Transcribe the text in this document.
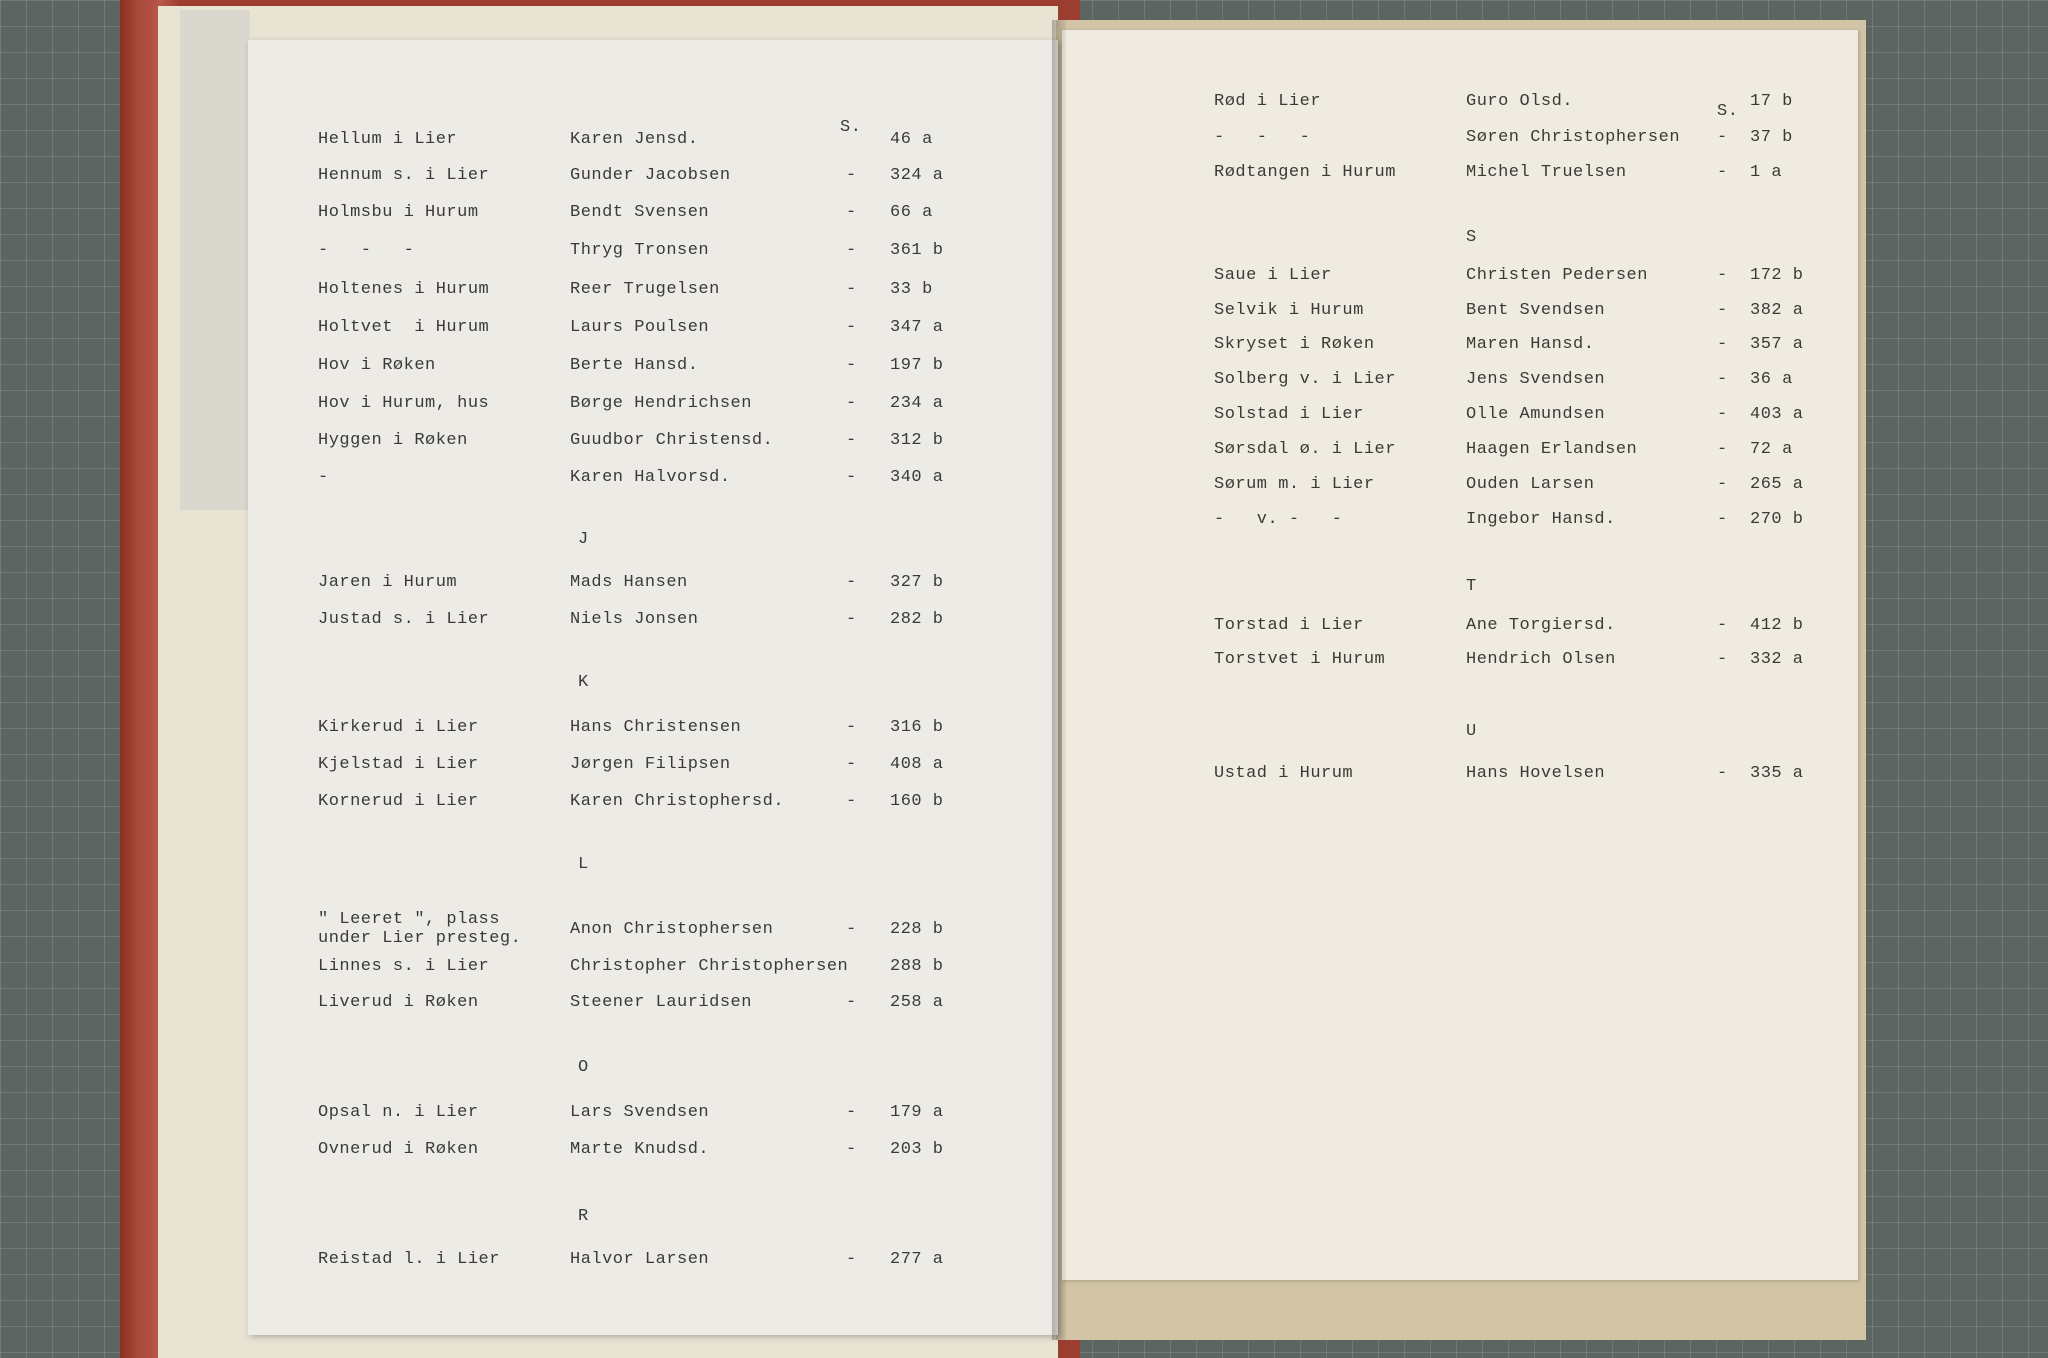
S.
Hellum i Lier	Karen Jensd.	46 a
Hennum s. i Lier	Gunder Jacobsen	- 324 a
Holmsbu i Hurum	Bendt Svensen	- 66 a
-   -   -	Thryg Tronsen	- 361 b
Holtenes i Hurum	Reer Trugelsen	- 33 b
Holtvet  i Hurum	Laurs Poulsen	- 347 a
Hov i Røken	Berte Hansd.	- 197 b
Hov i Hurum, hus	Børge Hendrichsen	- 234 a
Hyggen i Røken	Guudbor Christensd.	- 312 b
-	Karen Halvorsd.	- 340 a
J
Jaren i Hurum	Mads Hansen	- 327 b
Justad s. i Lier	Niels Jonsen	- 282 b
K
Kirkerud i Lier	Hans Christensen	- 316 b
Kjelstad i Lier	Jørgen Filipsen	- 408 a
Kornerud i Lier	Karen Christophersd.	- 160 b
L
" Leeret ", plass
under Lier presteg.	Anon Christophersen	- 228 b
Linnes s. i Lier	Christopher Christophersen 288 b
Liverud i Røken	Steener Lauridsen	- 258 a
O
Opsal n. i Lier	Lars Svendsen	- 179 a
Ovnerud i Røken	Marte Knudsd.	- 203 b
R
Reistad l. i Lier	Halvor Larsen	- 277 a
S.
Rød i Lier	Guro Olsd.	17 b
-   -   -	Søren Christophersen - 37 b
Rødtangen i Hurum	Michel Truelsen	- 1 a
S
Saue i Lier	Christen Pedersen	- 172 b
Selvik i Hurum	Bent Svendsen	- 382 a
Skryset i Røken	Maren Hansd.	- 357 a
Solberg v. i Lier	Jens Svendsen	- 36 a
Solstad i Lier	Olle Amundsen	- 403 a
Sørsdal ø. i Lier	Haagen Erlandsen	- 72 a
Sørum m. i Lier	Ouden Larsen	- 265 a
-   v. -   -	Ingebor Hansd.	- 270 b
T
Torstad i Lier	Ane Torgiersd.	- 412 b
Torstvet i Hurum	Hendrich Olsen	- 332 a
U
Ustad i Hurum	Hans Hovelsen	- 335 a
